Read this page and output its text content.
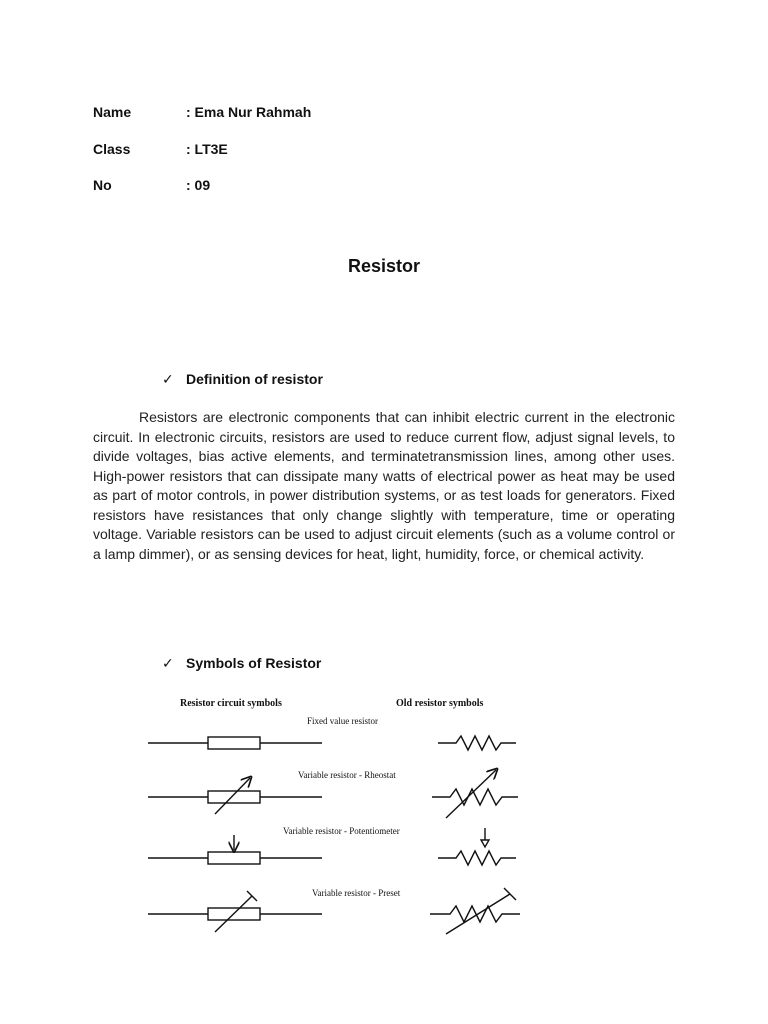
Name	: Ema Nur Rahmah
Class	: LT3E
No	: 09
Resistor
✓ Definition of resistor
Resistors are electronic components that can inhibit electric current in the electronic circuit. In electronic circuits, resistors are used to reduce current flow, adjust signal levels, to divide voltages, bias active elements, and terminatetransmission lines, among other uses. High-power resistors that can dissipate many watts of electrical power as heat may be used as part of motor controls, in power distribution systems, or as test loads for generators. Fixed resistors have resistances that only change slightly with temperature, time or operating voltage. Variable resistors can be used to adjust circuit elements (such as a volume control or a lamp dimmer), or as sensing devices for heat, light, humidity, force, or chemical activity.
✓ Symbols of Resistor
Resistor circuit symbols	Old resistor symbols
Fixed value resistor
Variable resistor - Rheostat
Variable resistor - Potentiometer
Variable resistor - Preset
